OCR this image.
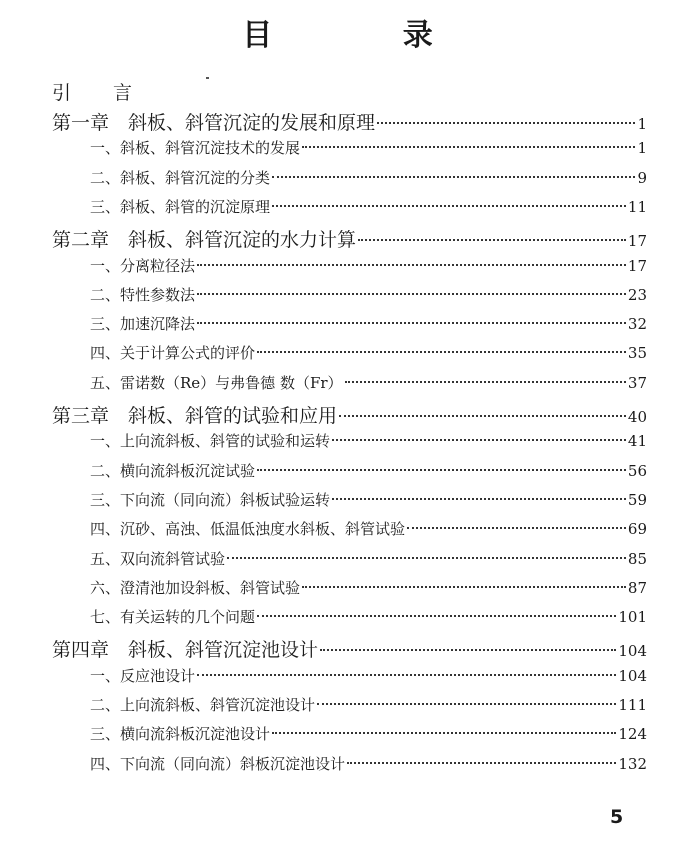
目 录
引 言
第一章　斜板、斜管沉淀的发展和原理	1
一、斜板、斜管沉淀技术的发展	1
二、斜板、斜管沉淀的分类	9
三、斜板、斜管的沉淀原理	11
第二章　斜板、斜管沉淀的水力计算	17
一、分离粒径法	17
二、特性参数法	23
三、加速沉降法	32
四、关于计算公式的评价	35
五、雷诺数（Re）与弗鲁德 数（Fr）	37
第三章　斜板、斜管的试验和应用	40
一、上向流斜板、斜管的试验和运转	41
二、横向流斜板沉淀试验	56
三、下向流（同向流）斜板试验运转	59
四、沉砂、高浊、低温低浊度水斜板、斜管试验	69
五、双向流斜管试验	85
六、澄清池加设斜板、斜管试验	87
七、有关运转的几个问题	101
第四章　斜板、斜管沉淀池设计	104
一、反应池设计	104
二、上向流斜板、斜管沉淀池设计	111
三、横向流斜板沉淀池设计	124
四、下向流（同向流）斜板沉淀池设计	132
5
